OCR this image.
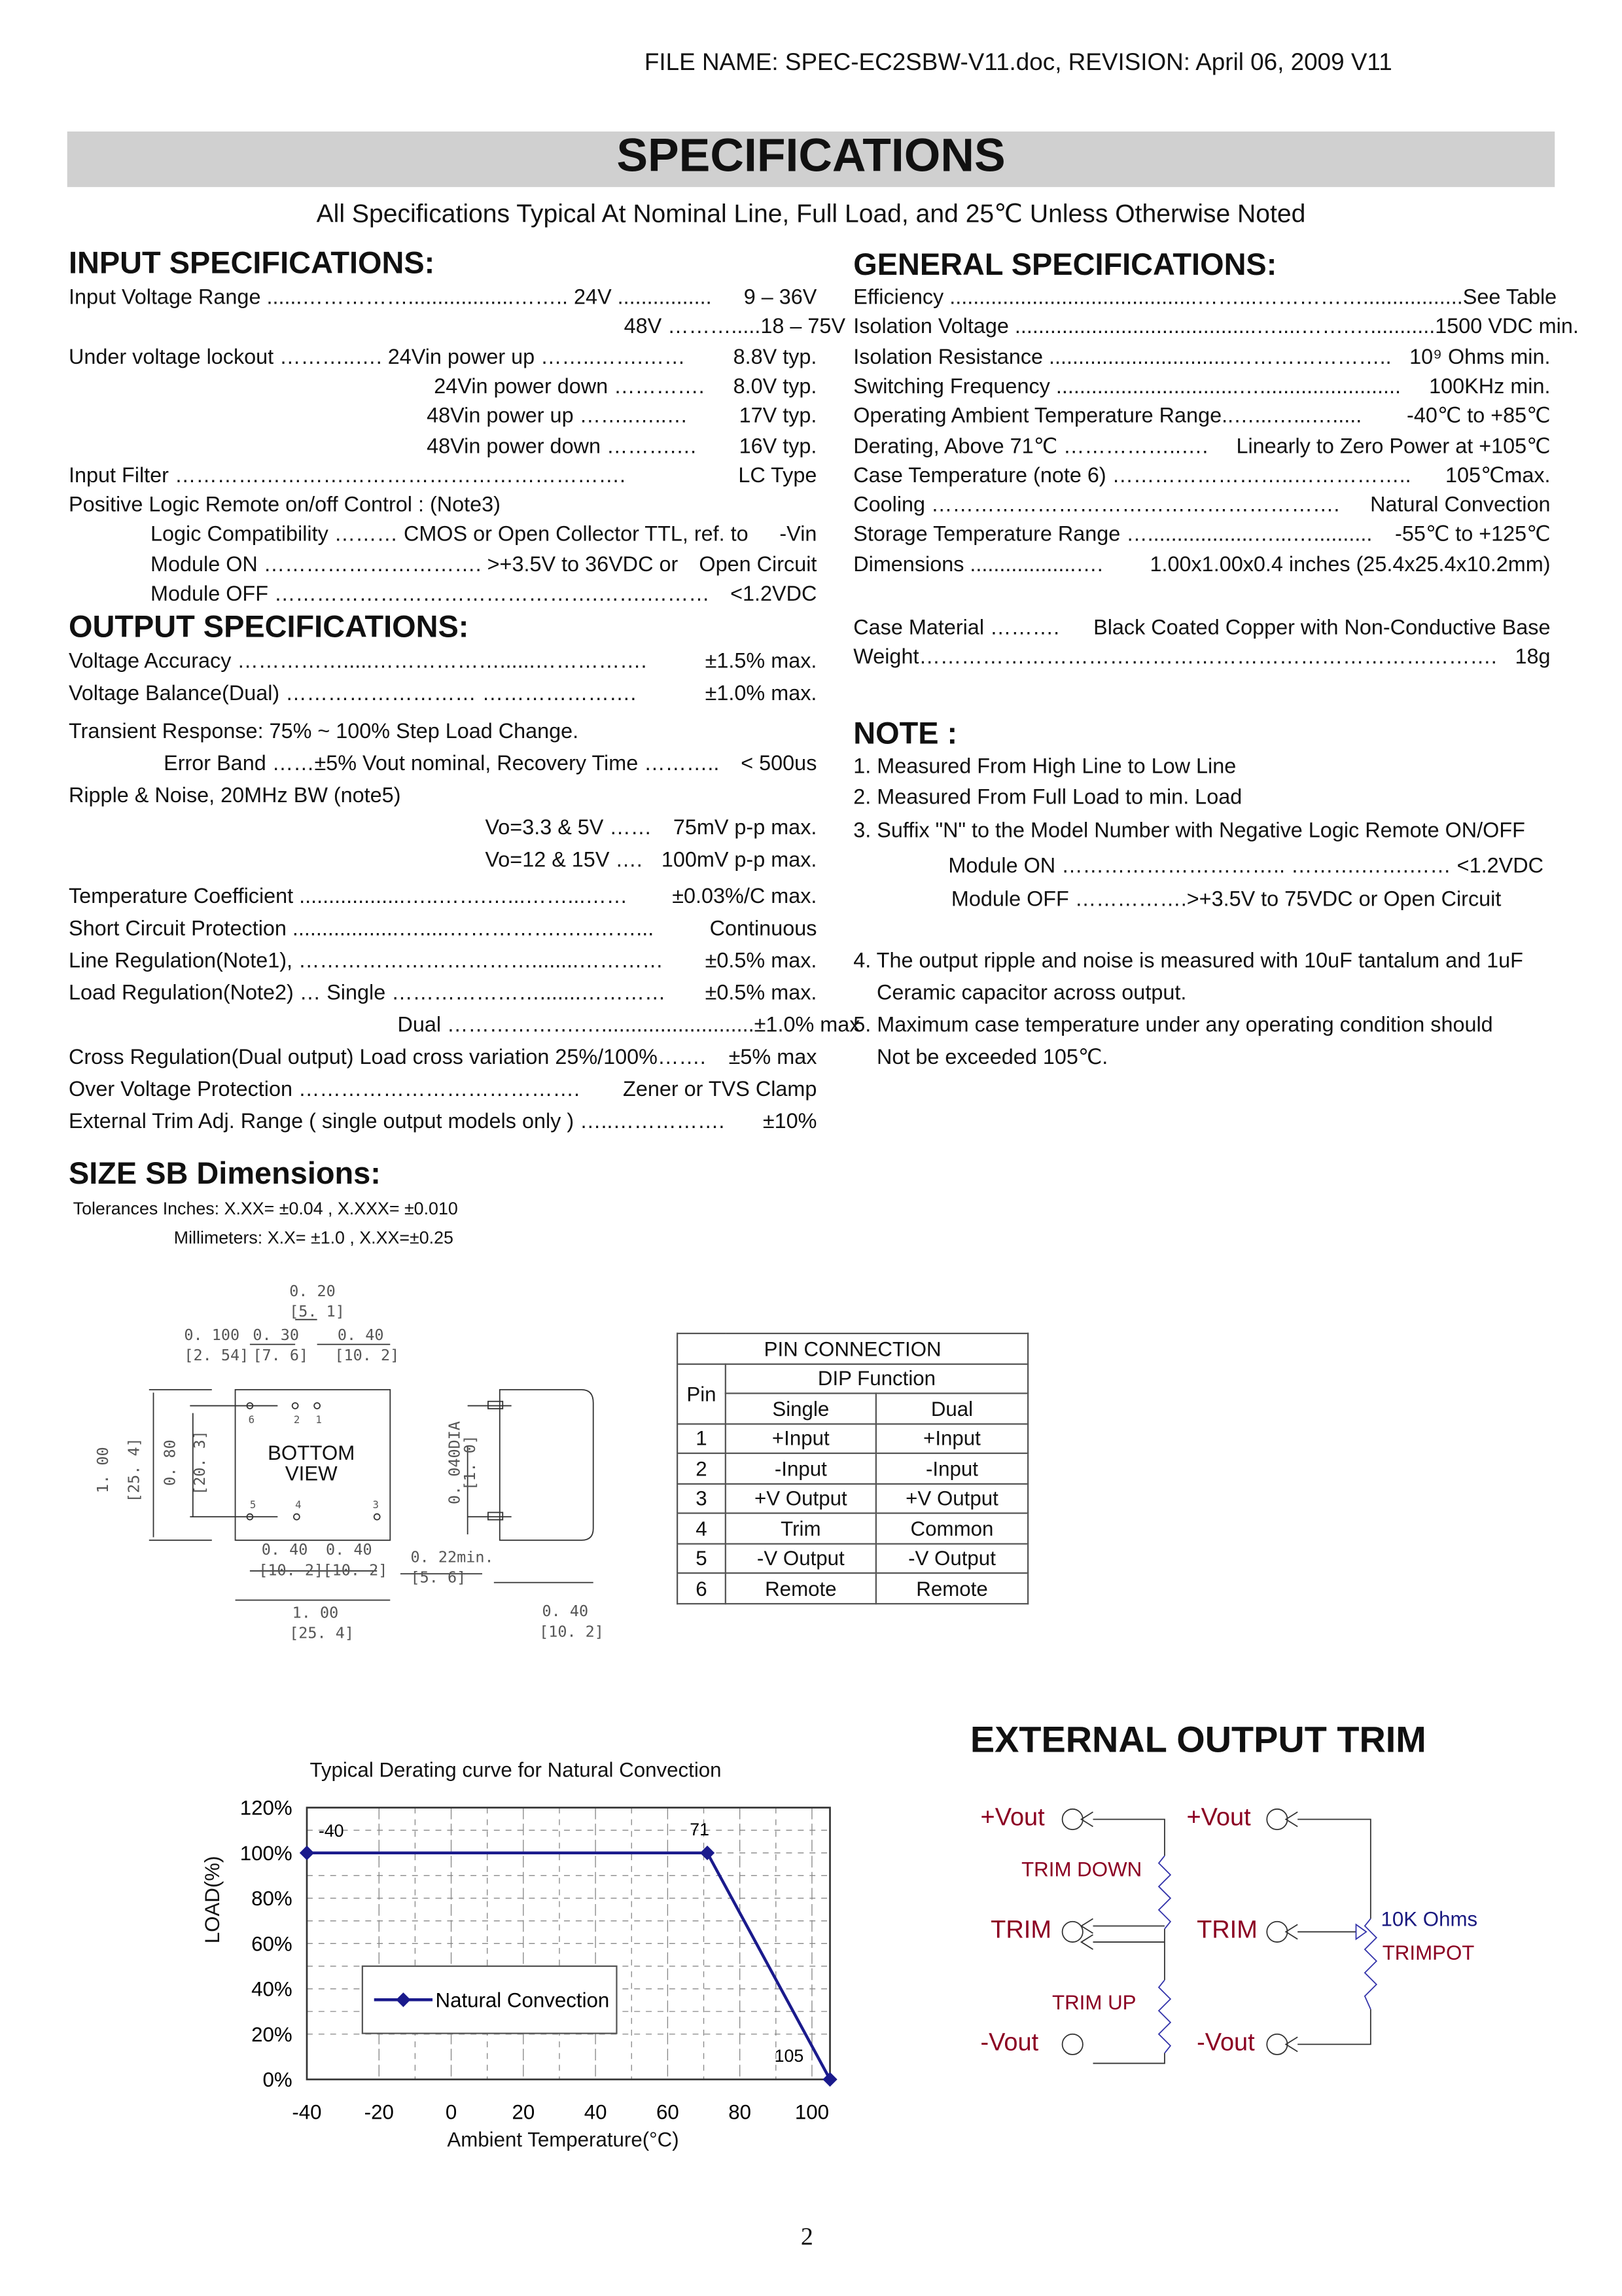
FILE NAME: SPEC-EC2SBW-V11.doc, REVISION: April 06, 2009 V11
SPECIFICATIONS
All Specifications Typical At Nominal Line, Full Load, and 25℃ Unless Otherwise Noted
INPUT SPECIFICATIONS:
Input Voltage Range ......……………..................…….. 24V ................	9 – 36V
48V ………..... 18 – 75V
Under voltage lockout ………..…. 24Vin power up ……..…….……	8.8V typ.
24Vin power down ………….	8.0V typ.
48Vin power up ……..…..…	17V typ.
48Vin power down ……….…	16V typ.
Input Filter ……………………………………………………….	LC Type
Positive Logic Remote on/off Control : (Note3)
Logic Compatibility ……… CMOS or Open Collector TTL, ref. to	-Vin
Module ON …………………………. >+3.5V to 36VDC or Open Circuit
Module OFF ……………………………………….…….……… <1.2VDC
OUTPUT SPECIFICATIONS:
Voltage Accuracy …………….....………………......…………….	±1.5% max.
Voltage Balance(Dual) ……………………… ………………….	±1.0% max.
Transient Response: 75% ~ 100% Step Load Change.
Error Band ……±5% Vout nominal, Recovery Time ……….. < 500us
Ripple & Noise, 20MHz BW (note5)
Vo=3.3 & 5V …… 75mV p-p max.
Vo=12 & 15V …. 100mV p-p max.
Temperature Coefficient ..................…..…….…...……...……	±0.03%/C max.
Short Circuit Protection ..................….....…………….…..……...	Continuous
Line Regulation(Note1), ……………………………........…………	±0.5% max.
Load Regulation(Note2) … Single ………………….......…………	±0.5% max.
Dual ……………….….......................... ±1.0% max
Cross Regulation(Dual output) Load cross variation 25%/100%……. ±5% max
Over Voltage Protection ………………………………….	Zener or TVS Clamp
External Trim Adj. Range ( single output models only ) …..…………….	±10%
GENERAL SPECIFICATIONS:
Efficiency ..........................................……...……………................. See Table
Isolation Voltage .........................................…....…….…........... 1500 VDC min.
Isolation Resistance ...............................………………….. 10⁹ Ohms min.
Switching Frequency ...............................…........................	100KHz min.
Operating Ambient Temperature Range..…...…...….....	-40℃ to +85℃
Derating, Above 71℃ ……………..….	Linearly to Zero Power at +105℃
Case Temperature (note 6) ……………………..……………..	105℃max.
Cooling ………………………………………………….	Natural Convection
Storage Temperature Range …..................…...….......... -55℃ to +125℃
Dimensions ..................….	1.00x1.00x0.4 inches (25.4x25.4x10.2mm)
Case Material ……….	Black Coated Copper with Non-Conductive Base
Weight………………………………………………………………………. 18g
NOTE :
1. Measured From High Line to Low Line
2. Measured From Full Load to min. Load
3. Suffix "N" to the Model Number with Negative Logic Remote ON/OFF
Module ON ………………………….. ……….…….…… <1.2VDC
Module OFF …………….>+3.5V to 75VDC or Open Circuit
4. The output ripple and noise is measured with 10uF tantalum and 1uF
Ceramic capacitor across output.
5. Maximum case temperature under any operating condition should
Not be exceeded 105℃.
SIZE SB Dimensions:
Tolerances Inches: X.XX= ±0.04 , X.XXX= ±0.010
Millimeters: X.X= ±1.0 , X.XX=±0.25
BOTTOM
VIEW
0. 20
[5. 1]
0. 100
[2. 54]
0. 30
[7. 6]
0. 40
[10. 2]
1. 00 [25. 4]	0. 80 [20. 3]
0. 40
[10. 2]
0. 40
[10. 2]
1. 00
[25. 4]
0. 040DIA
[1. 0]
0. 22min.
[5. 6]
0. 40
[10. 2]
6	2	1
5	4	3
PIN CONNECTION		
Pin	DIP Function	
	Single	Dual
1	+Input	+Input
2	-Input	-Input
3	+V Output	+V Output
4	Trim	Common
5	-V Output	-V Output
6	Remote	Remote
Typical Derating curve for Natural Convection
-40	-20	0	20	40	60	80	100
0%
20%
40%
60%
80%
100%
120%
-40	71
105
Natural Convection
LOAD(%)
Ambient Temperature(°C)
EXTERNAL OUTPUT TRIM
+Vout	+Vout
TRIM	TRIM
-Vout	-Vout
TRIM DOWN
TRIM UP
10K Ohms
TRIMPOT
2
